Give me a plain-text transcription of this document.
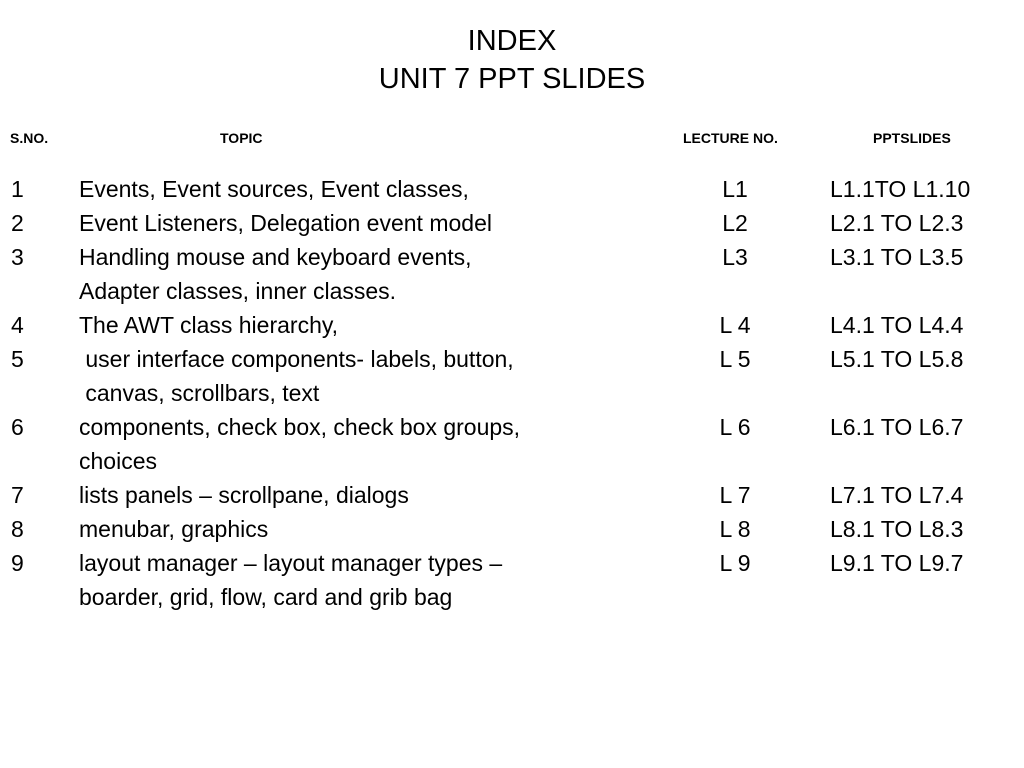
INDEX
UNIT 7 PPT SLIDES
S.NO.	TOPIC	LECTURE NO.	PPTSLIDES
1 Events, Event sources, Event classes,	L1	L1.1TO L1.10
2 Event Listeners, Delegation event model	L2	L2.1 TO L2.3
3 Handling mouse and keyboard events,
Adapter classes, inner classes.
L3	L3.1 TO L3.5
4 The AWT class hierarchy,	L 4	L4.1 TO L4.4
5 user interface components- labels, button,
canvas, scrollbars, text
L 5	L5.1 TO L5.8
6 components, check box, check box groups,
choices
L 6	L6.1 TO L6.7
7 lists panels – scrollpane, dialogs	L 7	L7.1 TO L7.4
8 menubar, graphics	L 8	L8.1 TO L8.3
9 layout manager – layout manager types –
boarder, grid, flow, card and grib bag
L 9	L9.1 TO L9.7
